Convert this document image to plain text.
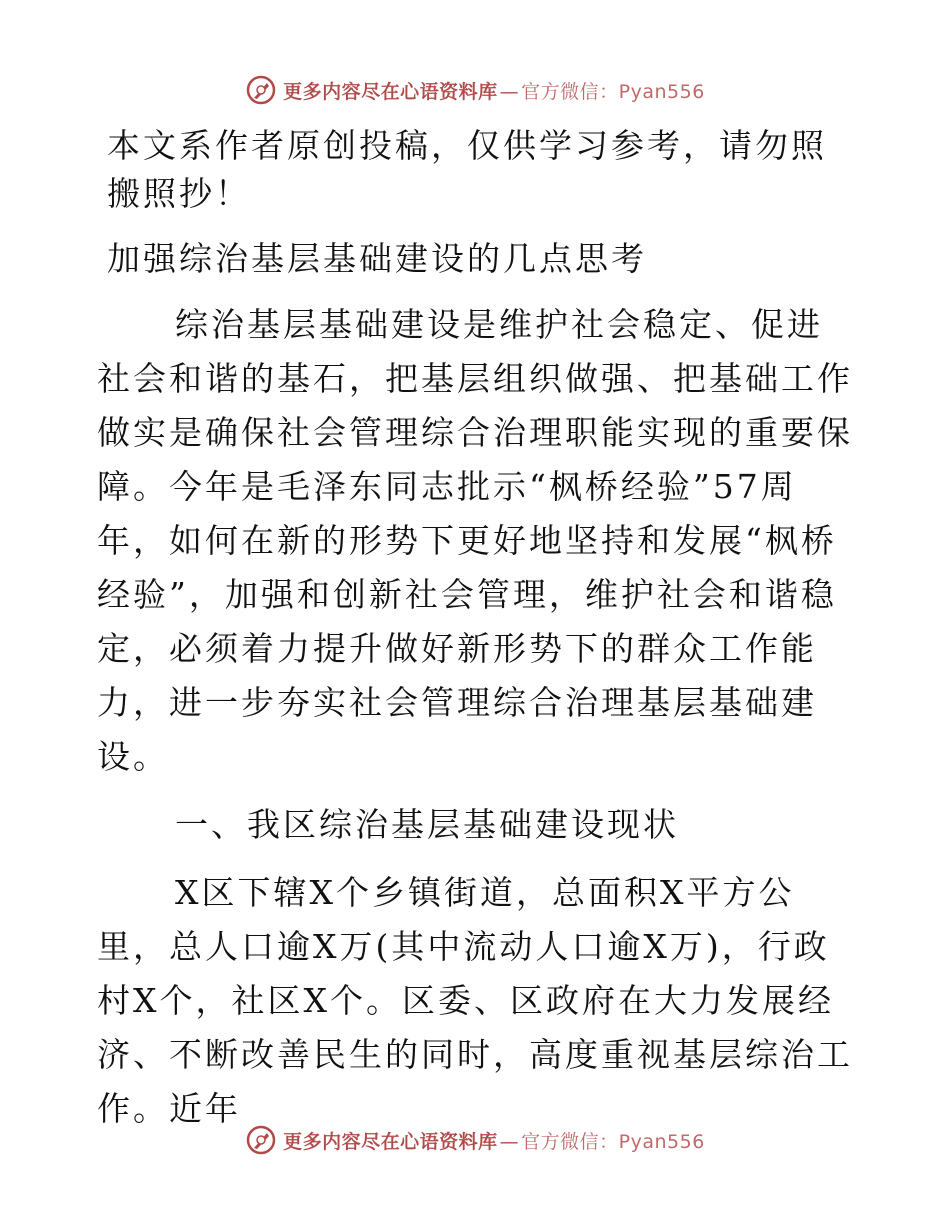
更多内容尽在心语资料库 — 官方微信：Pyan556

本文系作者原创投稿，仅供学习参考，请勿照搬照抄！

加强综治基层基础建设的几点思考

综治基层基础建设是维护社会稳定、促进社会和谐的基石，把基层组织做强、把基础工作做实是确保社会管理综合治理职能实现的重要保障。今年是毛泽东同志批示“枫桥经验”57周年，如何在新的形势下更好地坚持和发展“枫桥经验”，加强和创新社会管理，维护社会和谐稳定，必须着力提升做好新形势下的群众工作能力，进一步夯实社会管理综合治理基层基础建设。

一、我区综治基层基础建设现状

X区下辖X个乡镇街道，总面积X平方公里，总人口逾X万(其中流动人口逾X万)，行政村X个，社区X个。区委、区政府在大力发展经济、不断改善民生的同时，高度重视基层综治工作。近年

更多内容尽在心语资料库 — 官方微信：Pyan556
